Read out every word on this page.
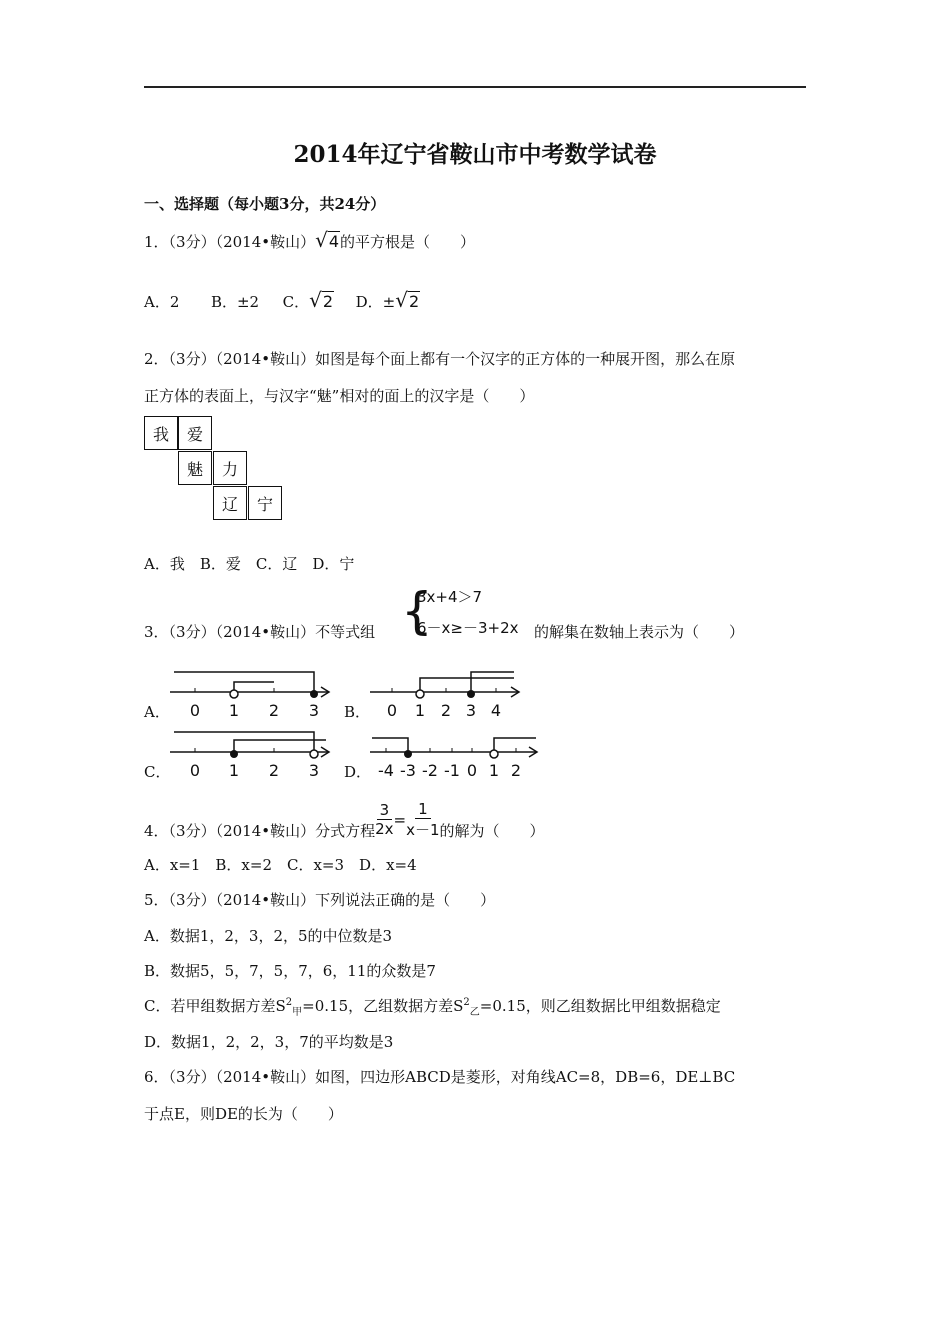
2014年辽宁省鞍山市中考数学试卷
一、选择题（每小题3分，共24分）
1．（3分）（2014•鞍山）√4的平方根是（　　）
A．2 B．±2 C．√2 D．±√2
2．（3分）（2014•鞍山）如图是每个面上都有一个汉字的正方体的一种展开图，那么在原
正方体的表面上，与汉字“魅”相对的面上的汉字是（　　）
我	爱
魅	力
辽	宁
A．我　B．爱　C．辽　D．宁
3．（3分）（2014•鞍山）不等式组 {
3x+4＞7
6－x≥－3+2x 的解集在数轴上表示为（　　）
A．	B．
C．	D．
0 1 2 3	0 1 2 3 4
0 1 2 3	-4 -3 -2 -1 0 1 2
4．（3分）（2014•鞍山）分式方程 $\frac{3}{2x} = \frac{1}{x-1}$ 的解为（　　）
A．x=1　B．x=2　C．x=3　D．x=4
5．（3分）（2014•鞍山）下列说法正确的是（　　）
A．数据1，2，3，2，5的中位数是3
B．数据5，5，7，5，7，6，11的众数是7
C．若甲组数据方差$S^2_甲=0.15$，乙组数据方差$S^2_乙=0.15$，则乙组数据比甲组数据稳定
D．数据1，2，2，3，7的平均数是3
6．（3分）（2014•鞍山）如图，四边形ABCD是菱形，对角线AC=8，DB=6，DE⊥BC
于点E，则DE的长为（　　）
